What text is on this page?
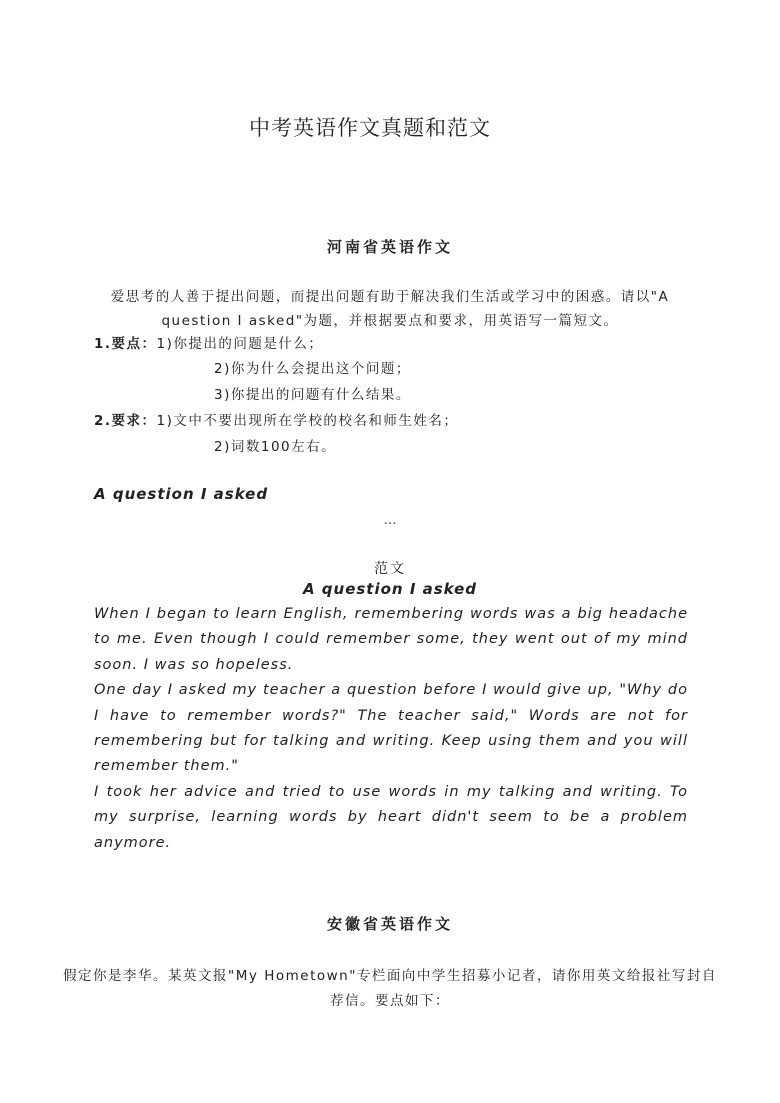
中考英语作文真题和范文
河南省英语作文
爱思考的人善于提出问题，而提出问题有助于解决我们生活或学习中的困惑。请以"A question I asked"为题，并根据要点和要求，用英语写一篇短文。
1.要点：1)你提出的问题是什么；
2)你为什么会提出这个问题；
3)你提出的问题有什么结果。
2.要求：1)文中不要出现所在学校的校名和师生姓名；
2)词数100左右。
A question I asked
…
范文
A question I asked

When I began to learn English, remembering words was a big headache to me. Even though I could remember some, they went out of my mind soon. I was so hopeless.

One day I asked my teacher a question before I would give up, "Why do I have to remember words?" The teacher said," Words are not for remembering but for talking and writing. Keep using them and you will remember them."

I took her advice and tried to use words in my talking and writing. To my surprise, learning words by heart didn't seem to be a problem anymore.

安徽省英语作文
假定你是李华。某英文报"My Hometown"专栏面向中学生招募小记者，请你用英文给报社写封自荐信。要点如下：
